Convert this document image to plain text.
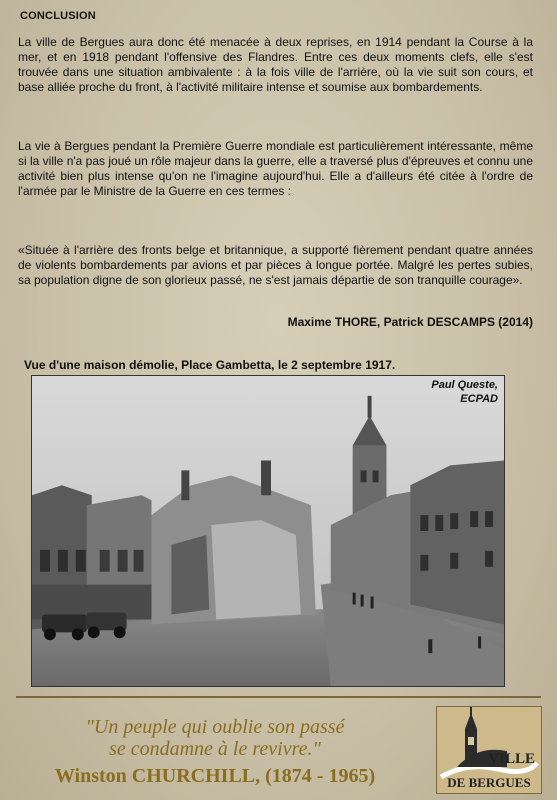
CONCLUSION
La ville de Bergues aura donc été menacée à deux reprises, en 1914 pendant la Course à la mer, et en 1918 pendant l'offensive des Flandres. Entre ces deux moments clefs, elle s'est trouvée dans une situation ambivalente : à la fois ville de l'arrière, où la vie suit son cours, et base alliée proche du front, à l'activité militaire intense et soumise aux bombardements.
La vie à Bergues pendant la Première Guerre mondiale est particulièrement intéressante, même si la ville n'a pas joué un rôle majeur dans la guerre, elle a traversé plus d'épreuves et connu une activité bien plus intense qu'on ne l'imagine aujourd'hui. Elle a d'ailleurs été citée à l'ordre de l'armée par le Ministre de la Guerre en ces termes :
«Située à l'arrière des fronts belge et britannique, a supporté fièrement pendant quatre années de violents bombardements par avions et par pièces à longue portée. Malgré les pertes subies, sa population digne de son glorieux passé, ne s'est jamais départie de son tranquille courage».
Maxime THORE, Patrick DESCAMPS (2014)
Vue d'une maison démolie, Place Gambetta, le 2 septembre 1917.
Paul Queste,
ECPAD
"Un peuple qui oublie son passé
se condamne à le revivre."
Winston CHURCHILL, (1874 - 1965)
VILLE
DE BERGUES
